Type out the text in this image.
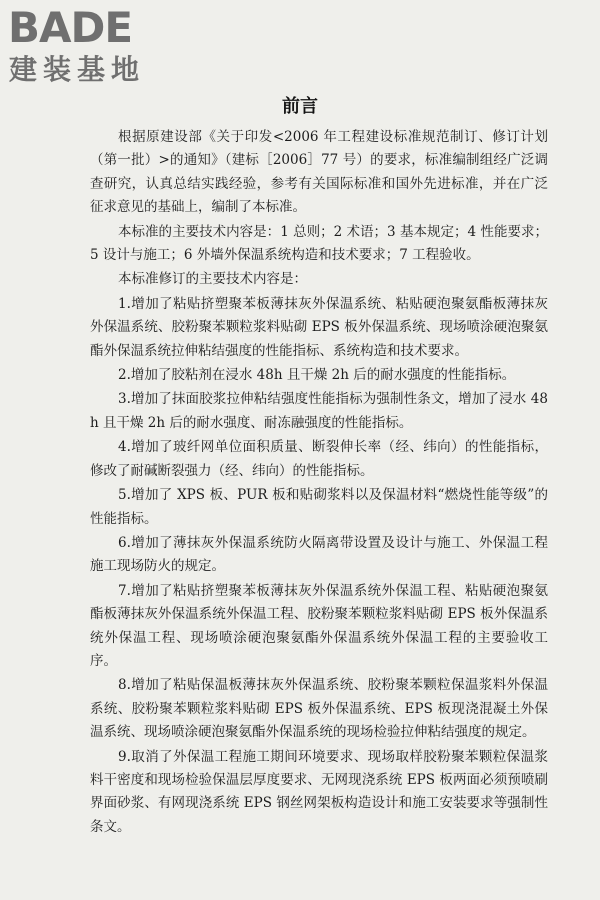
BADE
建装基地
前言

根据原建设部《关于印发<2006 年工程建设标准规范制订、修订计划（第一批）>的通知》（建标［2006］77 号）的要求，标准编制组经广泛调查研究，认真总结实践经验，参考有关国际标准和国外先进标准，并在广泛征求意见的基础上，编制了本标准。

本标准的主要技术内容是：1 总则；2 术语；3 基本规定；4 性能要求；5 设计与施工；6 外墙外保温系统构造和技术要求；7 工程验收。

本标准修订的主要技术内容是：

1.增加了粘贴挤塑聚苯板薄抹灰外保温系统、粘贴硬泡聚氨酯板薄抹灰外保温系统、胶粉聚苯颗粒浆料贴砌 EPS 板外保温系统、现场喷涂硬泡聚氨酯外保温系统拉伸粘结强度的性能指标、系统构造和技术要求。

2.增加了胶粘剂在浸水 48h 且干燥 2h 后的耐水强度的性能指标。

3.增加了抹面胶浆拉伸粘结强度性能指标为强制性条文，增加了浸水 48h 且干燥 2h 后的耐水强度、耐冻融强度的性能指标。

4.增加了玻纤网单位面积质量、断裂伸长率（经、纬向）的性能指标，修改了耐碱断裂强力（经、纬向）的性能指标。

5.增加了 XPS 板、PUR 板和贴砌浆料以及保温材料“燃烧性能等级”的性能指标。

6.增加了薄抹灰外保温系统防火隔离带设置及设计与施工、外保温工程施工现场防火的规定。

7.增加了粘贴挤塑聚苯板薄抹灰外保温系统外保温工程、粘贴硬泡聚氨酯板薄抹灰外保温系统外保温工程、胶粉聚苯颗粒浆料贴砌 EPS 板外保温系统外保温工程、现场喷涂硬泡聚氨酯外保温系统外保温工程的主要验收工序。

8.增加了粘贴保温板薄抹灰外保温系统、胶粉聚苯颗粒保温浆料外保温系统、胶粉聚苯颗粒浆料贴砌 EPS 板外保温系统、EPS 板现浇混凝土外保温系统、现场喷涂硬泡聚氨酯外保温系统的现场检验拉伸粘结强度的规定。

9.取消了外保温工程施工期间环境要求、现场取样胶粉聚苯颗粒保温浆料干密度和现场检验保温层厚度要求、无网现浇系统 EPS 板两面必须预喷刷界面砂浆、有网现浇系统 EPS 钢丝网架板构造设计和施工安装要求等强制性条文。
